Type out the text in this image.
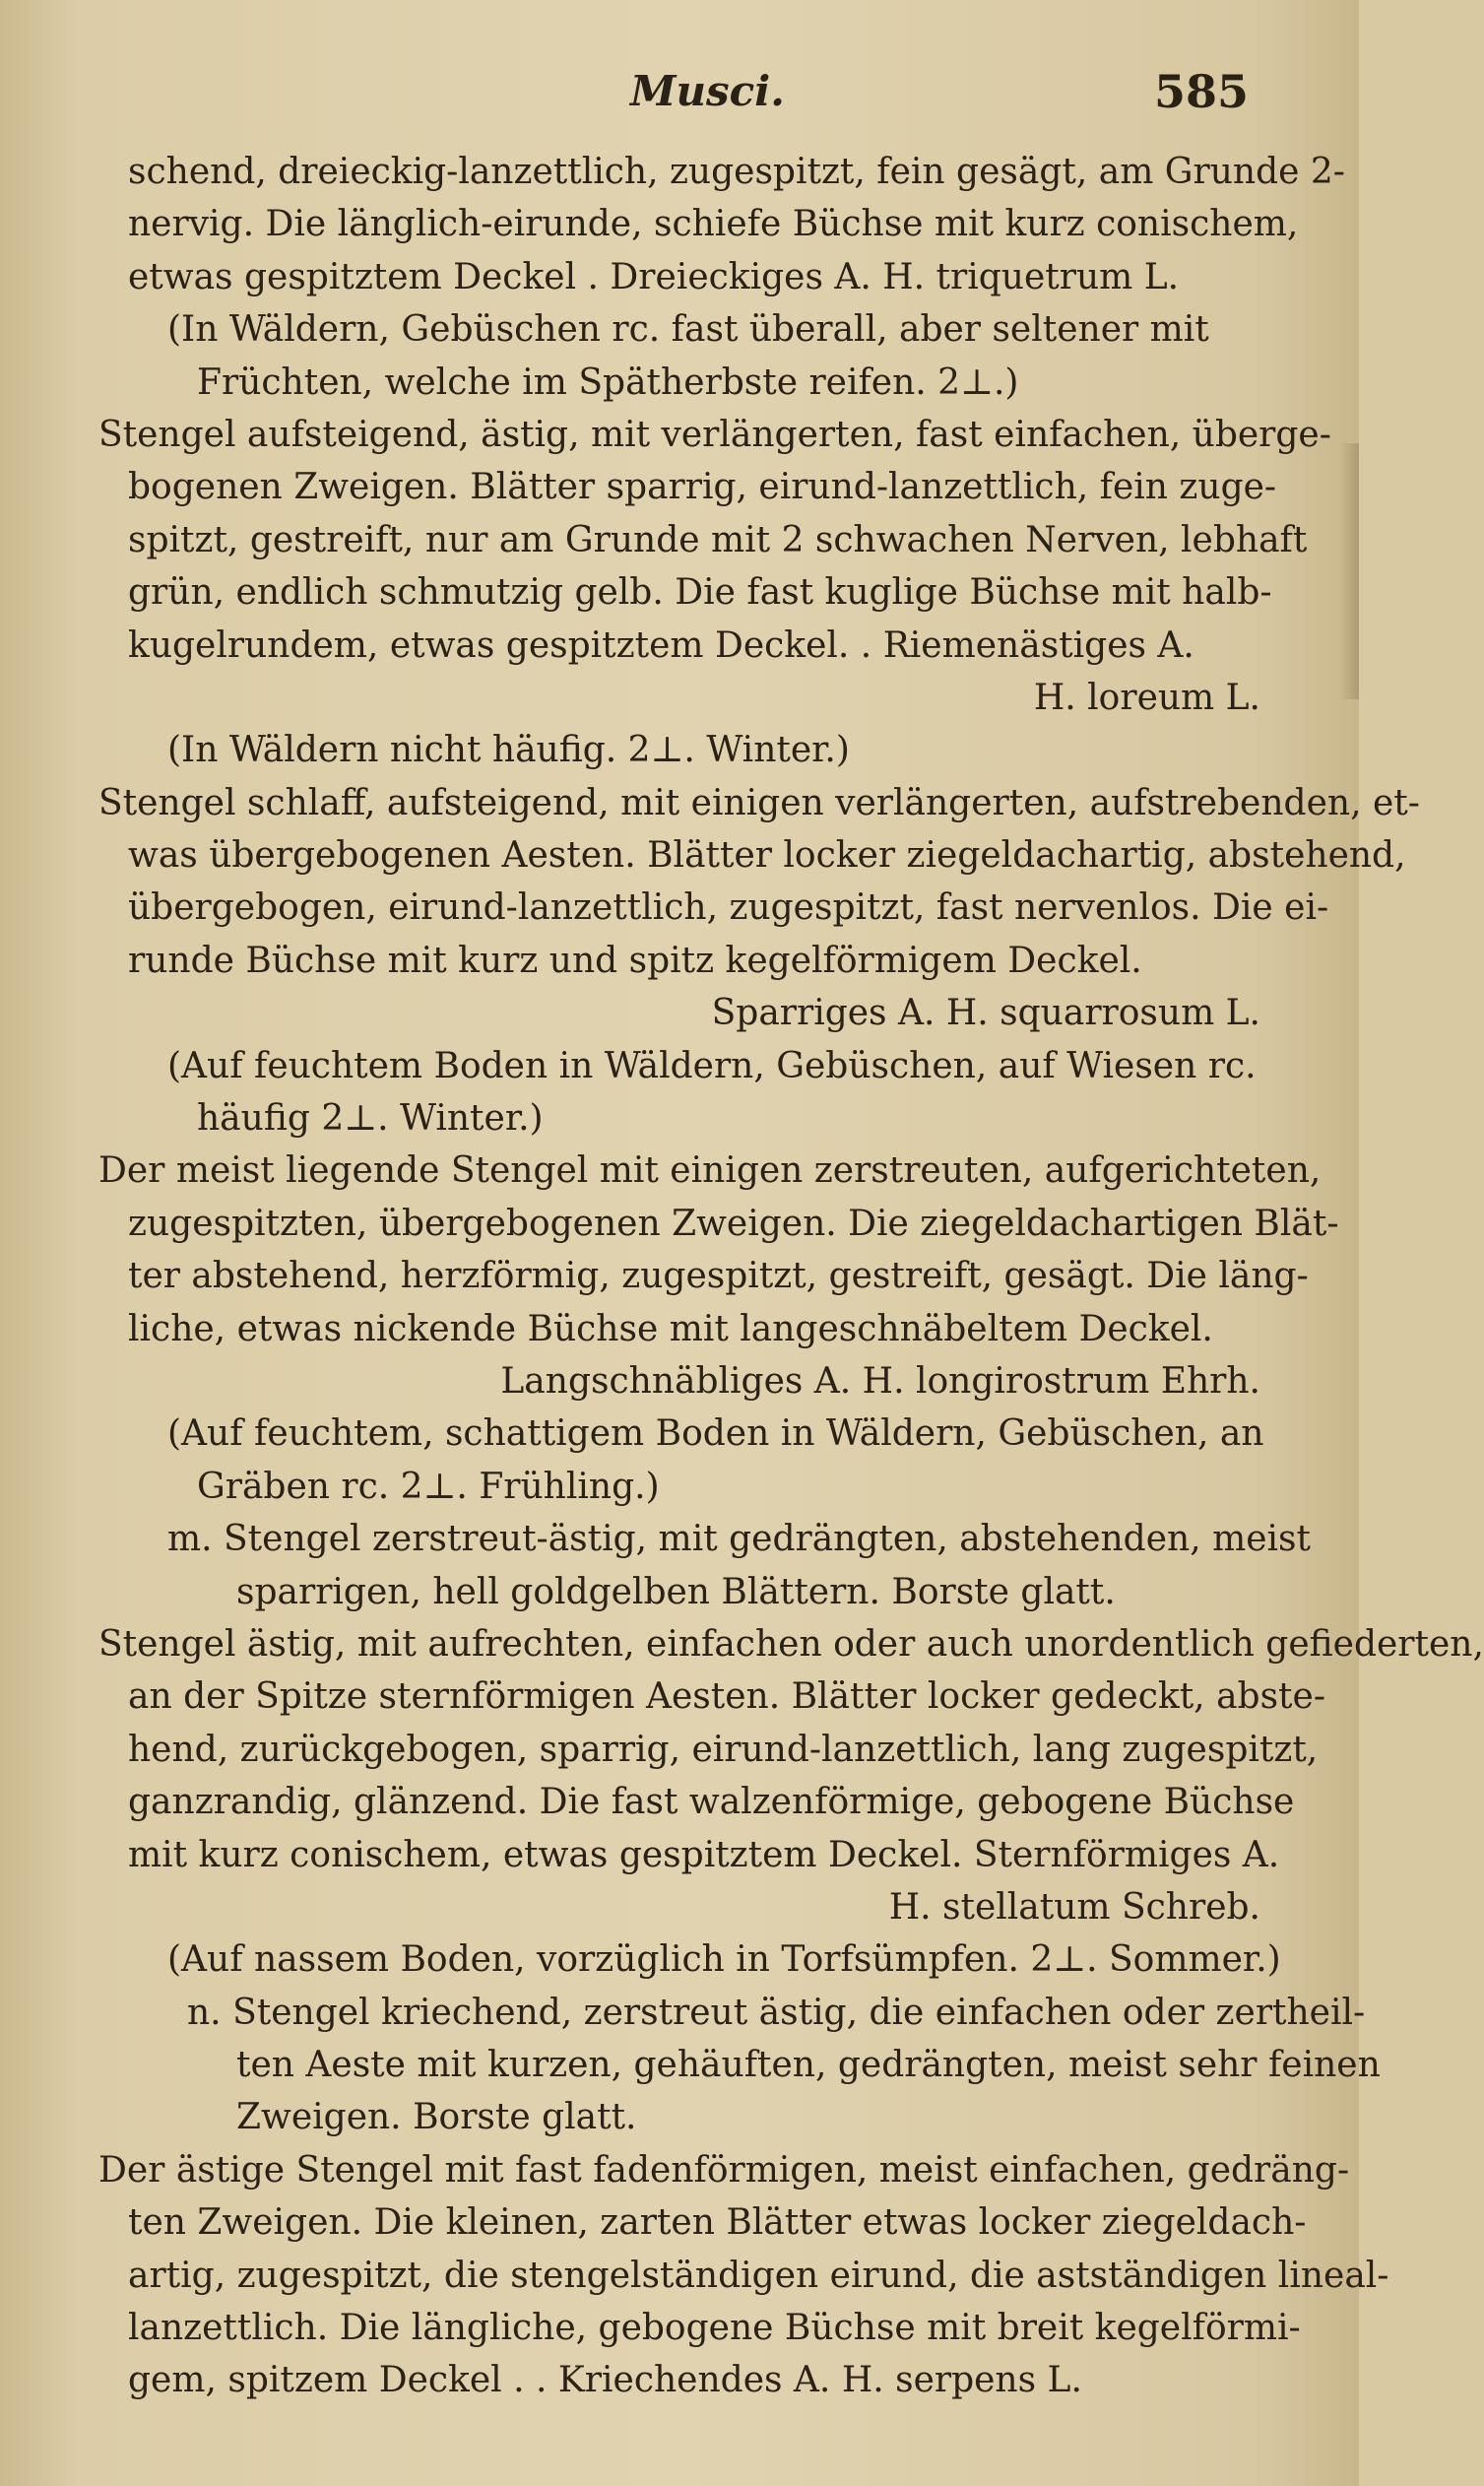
Musci.	585
schend, dreieckig-lanzettlich, zugespitzt, fein gesägt, am Grunde 2-
nervig. Die länglich-eirunde, schiefe Büchse mit kurz conischem,
etwas gespitztem Deckel . Dreieckiges A. H. triquetrum L.
(In Wäldern, Gebüschen rc. fast überall, aber seltener mit
Früchten, welche im Spätherbste reifen. 2⊥.)
Stengel aufsteigend, ästig, mit verlängerten, fast einfachen, überge-
bogenen Zweigen. Blätter sparrig, eirund-lanzettlich, fein zuge-
spitzt, gestreift, nur am Grunde mit 2 schwachen Nerven, lebhaft
grün, endlich schmutzig gelb. Die fast kuglige Büchse mit halb-
kugelrundem, etwas gespitztem Deckel. . Riemenästiges A.
H. loreum L.
(In Wäldern nicht häufig. 2⊥. Winter.)
Stengel schlaff, aufsteigend, mit einigen verlängerten, aufstrebenden, et-
was übergebogenen Aesten. Blätter locker ziegeldachartig, abstehend,
übergebogen, eirund-lanzettlich, zugespitzt, fast nervenlos. Die ei-
runde Büchse mit kurz und spitz kegelförmigem Deckel.
Sparriges A. H. squarrosum L.
(Auf feuchtem Boden in Wäldern, Gebüschen, auf Wiesen rc.
häufig 2⊥. Winter.)
Der meist liegende Stengel mit einigen zerstreuten, aufgerichteten,
zugespitzten, übergebogenen Zweigen. Die ziegeldachartigen Blät-
ter abstehend, herzförmig, zugespitzt, gestreift, gesägt. Die läng-
liche, etwas nickende Büchse mit langeschnäbeltem Deckel.
Langschnäbliges A. H. longirostrum Ehrh.
(Auf feuchtem, schattigem Boden in Wäldern, Gebüschen, an
Gräben rc. 2⊥. Frühling.)
m. Stengel zerstreut-ästig, mit gedrängten, abstehenden, meist
sparrigen, hell goldgelben Blättern. Borste glatt.
Stengel ästig, mit aufrechten, einfachen oder auch unordentlich gefiederten,
an der Spitze sternförmigen Aesten. Blätter locker gedeckt, abste-
hend, zurückgebogen, sparrig, eirund-lanzettlich, lang zugespitzt,
ganzrandig, glänzend. Die fast walzenförmige, gebogene Büchse
mit kurz conischem, etwas gespitztem Deckel. Sternförmiges A.
H. stellatum Schreb.
(Auf nassem Boden, vorzüglich in Torfsümpfen. 2⊥. Sommer.)
n. Stengel kriechend, zerstreut ästig, die einfachen oder zertheil-
ten Aeste mit kurzen, gehäuften, gedrängten, meist sehr feinen
Zweigen. Borste glatt.
Der ästige Stengel mit fast fadenförmigen, meist einfachen, gedräng-
ten Zweigen. Die kleinen, zarten Blätter etwas locker ziegeldach-
artig, zugespitzt, die stengelständigen eirund, die astständigen lineal-
lanzettlich. Die längliche, gebogene Büchse mit breit kegelförmi-
gem, spitzem Deckel . . Kriechendes A. H. serpens L.
